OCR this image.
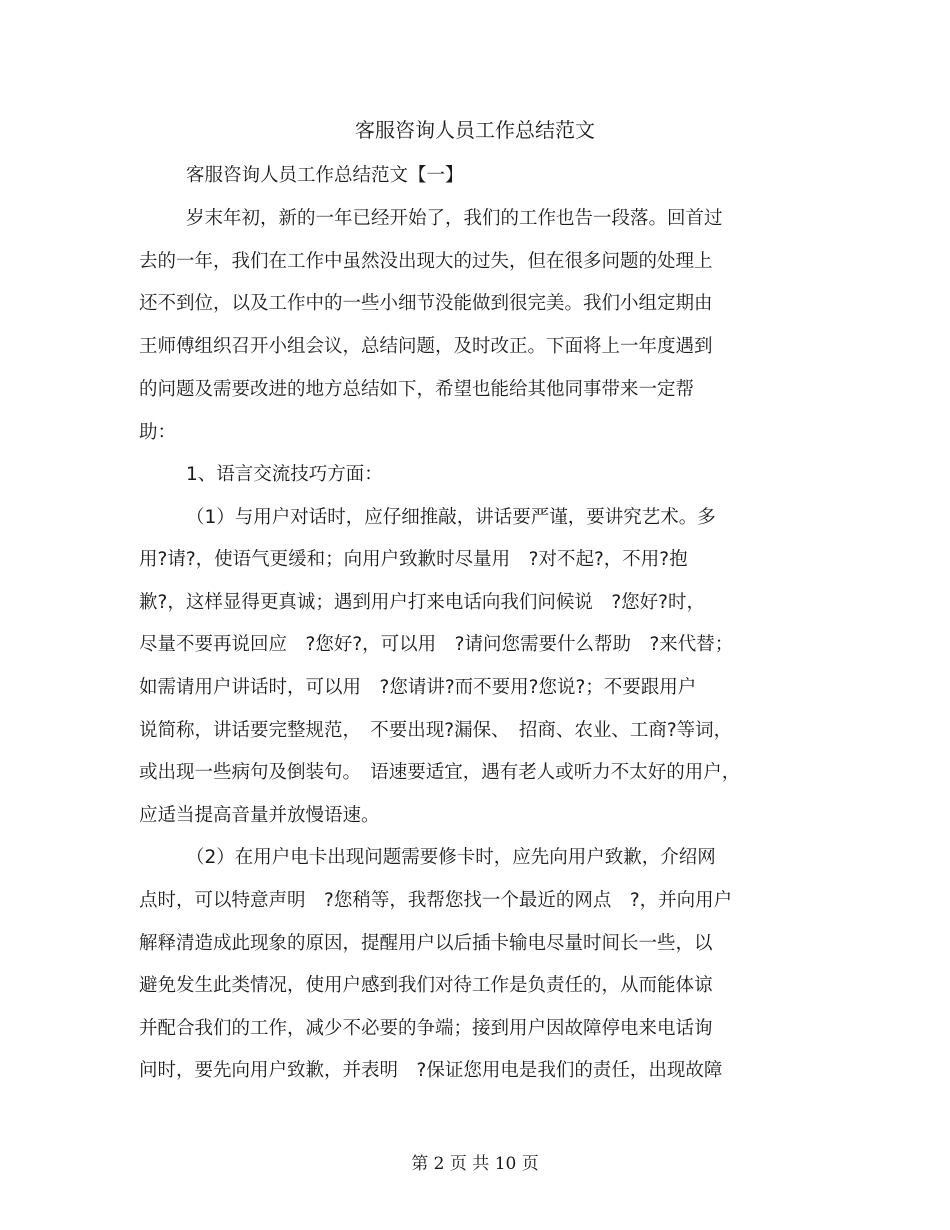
客服咨询人员工作总结范文
客服咨询人员工作总结范文【一】
岁末年初，新的一年已经开始了，我们的工作也告一段落。回首过
去的一年，我们在工作中虽然没出现大的过失，但在很多问题的处理上
还不到位，以及工作中的一些小细节没能做到很完美。我们小组定期由
王师傅组织召开小组会议，总结问题，及时改正。下面将上一年度遇到
的问题及需要改进的地方总结如下，希望也能给其他同事带来一定帮
助：
1、语言交流技巧方面：
（1）与用户对话时，应仔细推敲，讲话要严谨，要讲究艺术。多
用?请?，使语气更缓和；向用户致歉时尽量用　?对不起?，不用?抱
歉?，这样显得更真诚；遇到用户打来电话向我们问候说　?您好?时，
尽量不要再说回应　?您好?，可以用　?请问您需要什么帮助　?来代替；
如需请用户讲话时，可以用　?您请讲?而不要用?您说?；不要跟用户
说简称，讲话要完整规范，　不要出现?漏保、　招商、农业、工商?等词，
或出现一些病句及倒装句。　语速要适宜，遇有老人或听力不太好的用户，
应适当提高音量并放慢语速。
（2）在用户电卡出现问题需要修卡时，应先向用户致歉，介绍网
点时，可以特意声明　?您稍等，我帮您找一个最近的网点　?，并向用户
解释清造成此现象的原因，提醒用户以后插卡输电尽量时间长一些，以
避免发生此类情况，使用户感到我们对待工作是负责任的，从而能体谅
并配合我们的工作，减少不必要的争端；接到用户因故障停电来电话询
问时，要先向用户致歉，并表明　?保证您用电是我们的责任，出现故障
第 2 页 共 10 页
